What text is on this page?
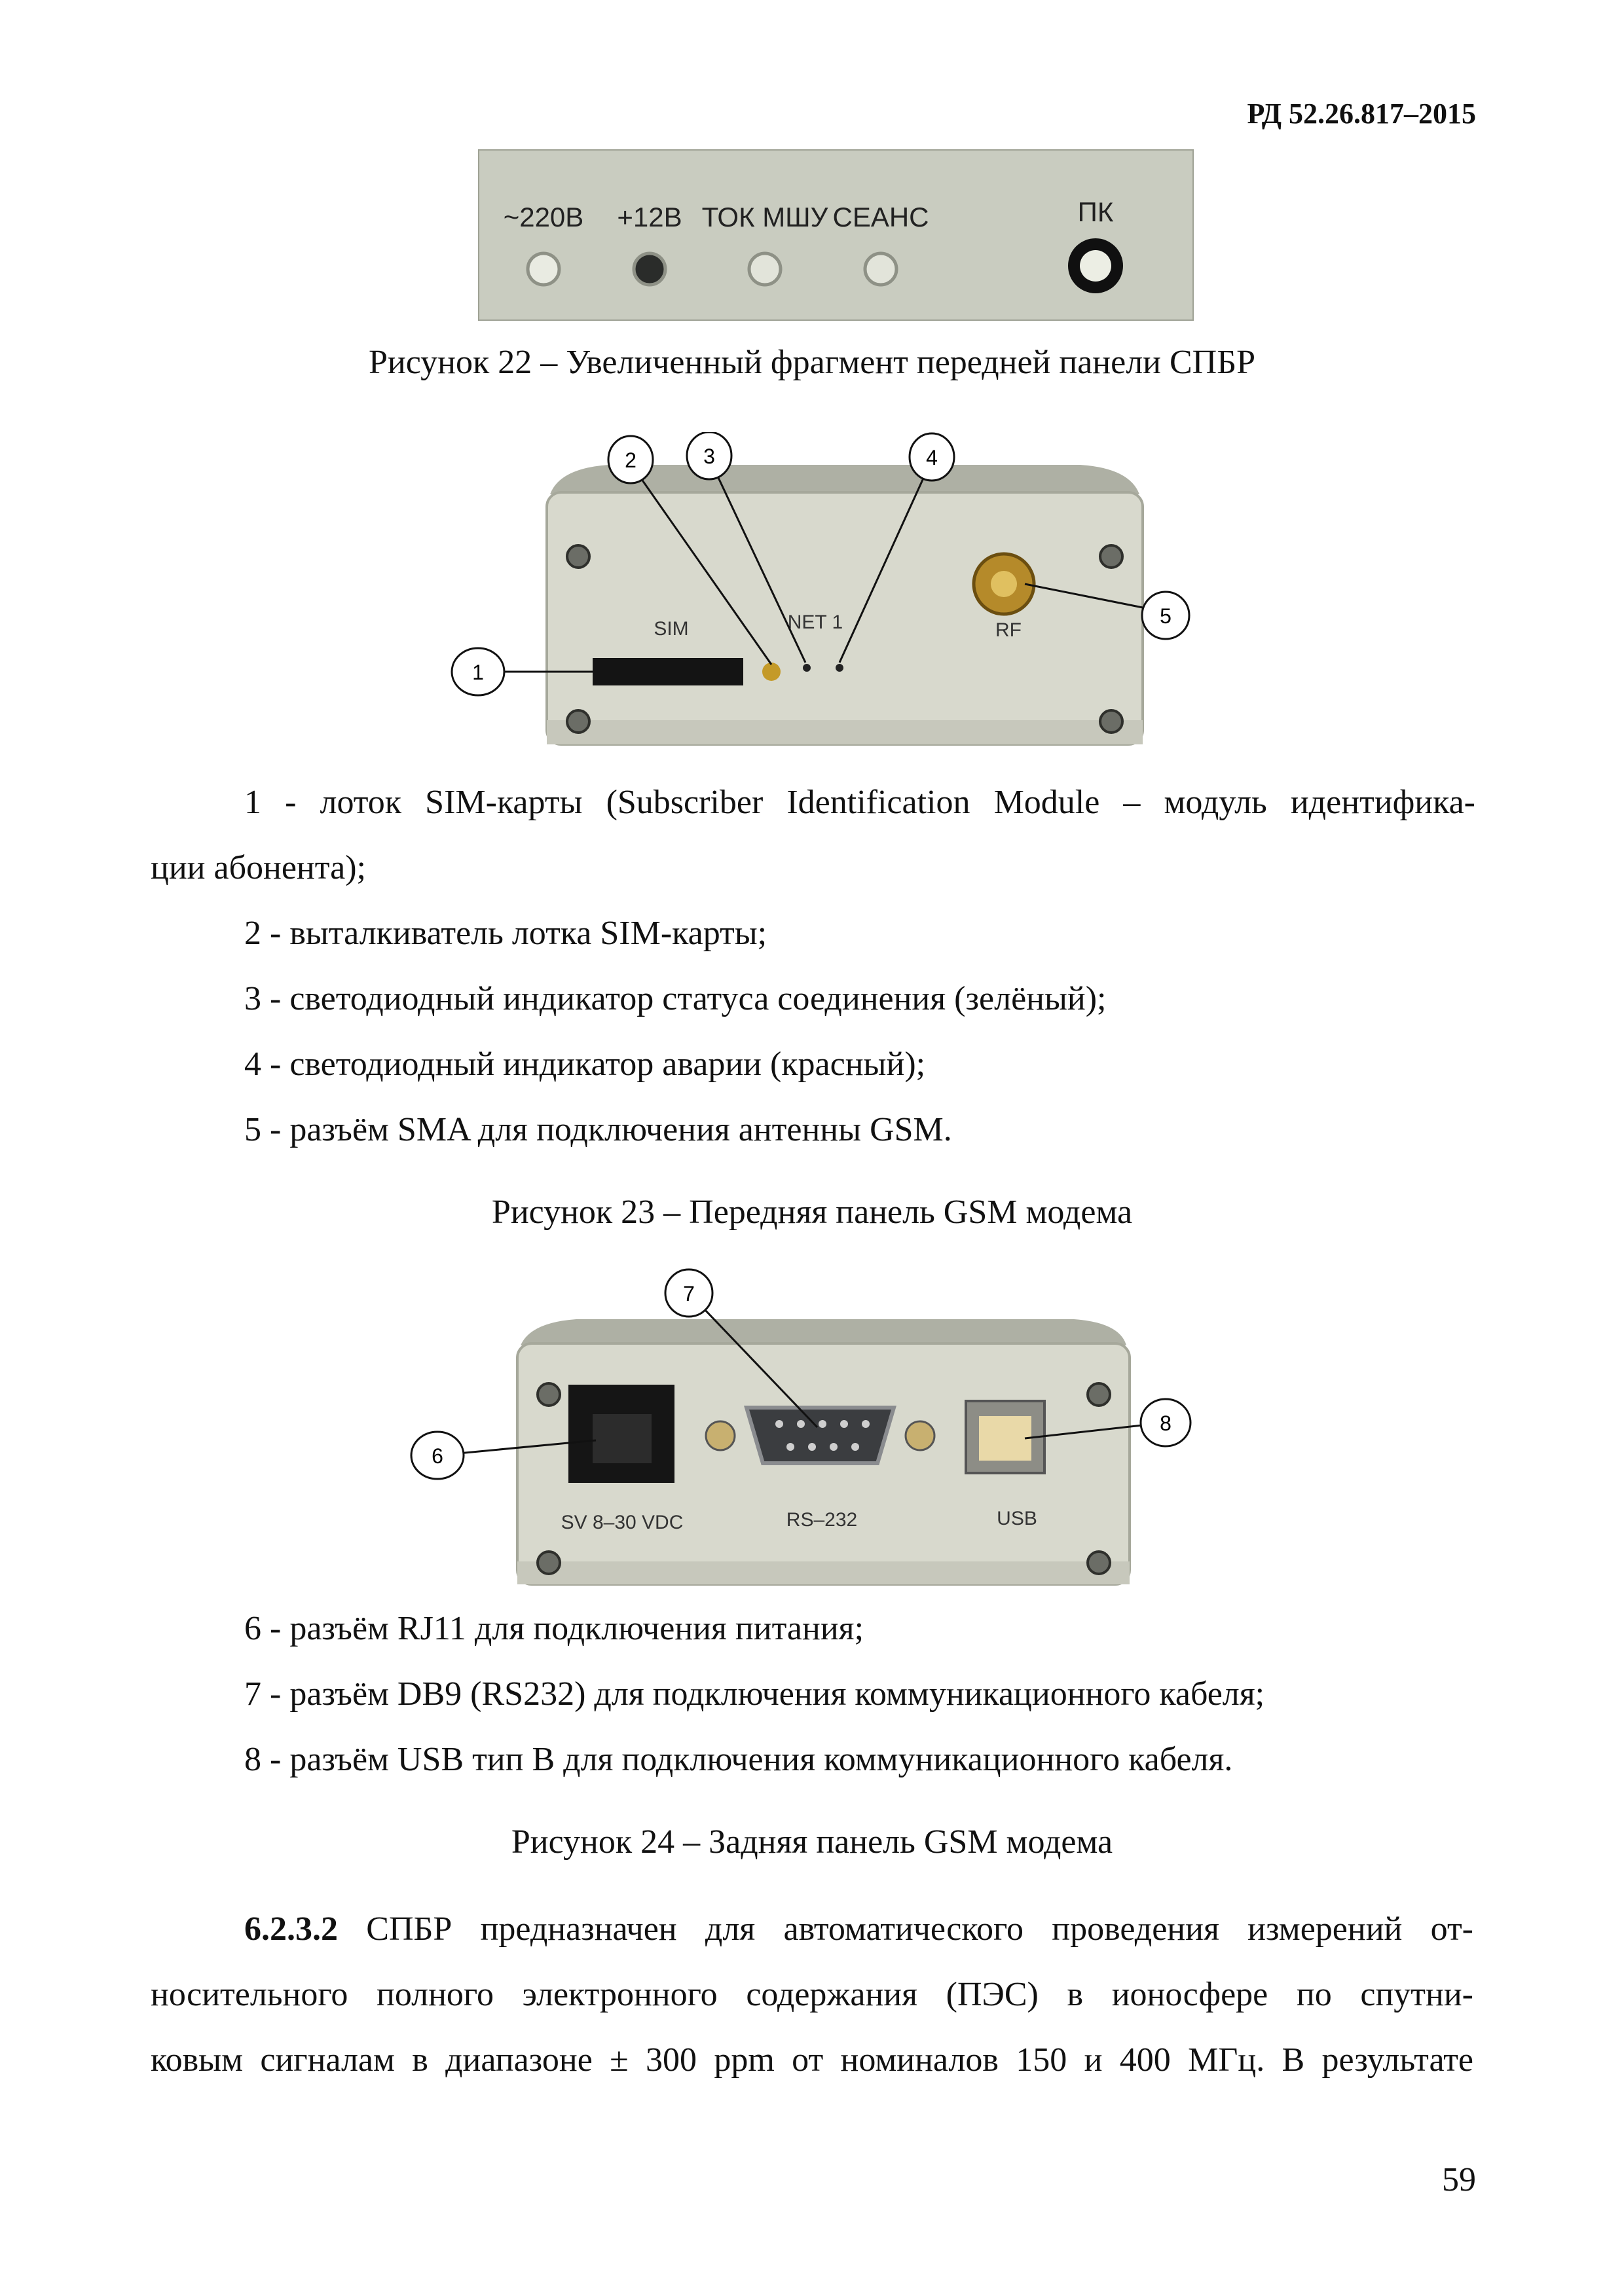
РД 52.26.817–2015
~220В +12В ТОК МШУ СЕАНС	ПК
Рисунок 22 – Увеличенный фрагмент передней панели СПБР
SIM	NET 1	RF
1
2	3	4
5
1 - лоток SIM-карты (Subscriber Identification Module – модуль идентифика-
ции абонента);
2 - выталкиватель лотка SIM-карты;
3 - светодиодный индикатор статуса соединения (зелёный);
4 - светодиодный индикатор аварии (красный);
5 - разъём SMA для подключения антенны GSM.
Рисунок 23 – Передняя панель GSM модема
SV 8–30 VDC	RS–232	USB
6
7
8
6 - разъём RJ11 для подключения питания;
7 - разъём DB9 (RS232) для подключения коммуникационного кабеля;
8 - разъём USB тип B для подключения коммуникационного кабеля.
Рисунок 24 – Задняя панель GSM модема
6.2.3.2 СПБР предназначен для автоматического проведения измерений от-
носительного полного электронного содержания (ПЭС) в ионосфере по спутни-
ковым сигналам в диапазоне ± 300 ppm от номиналов 150 и 400 МГц. В результате
59
